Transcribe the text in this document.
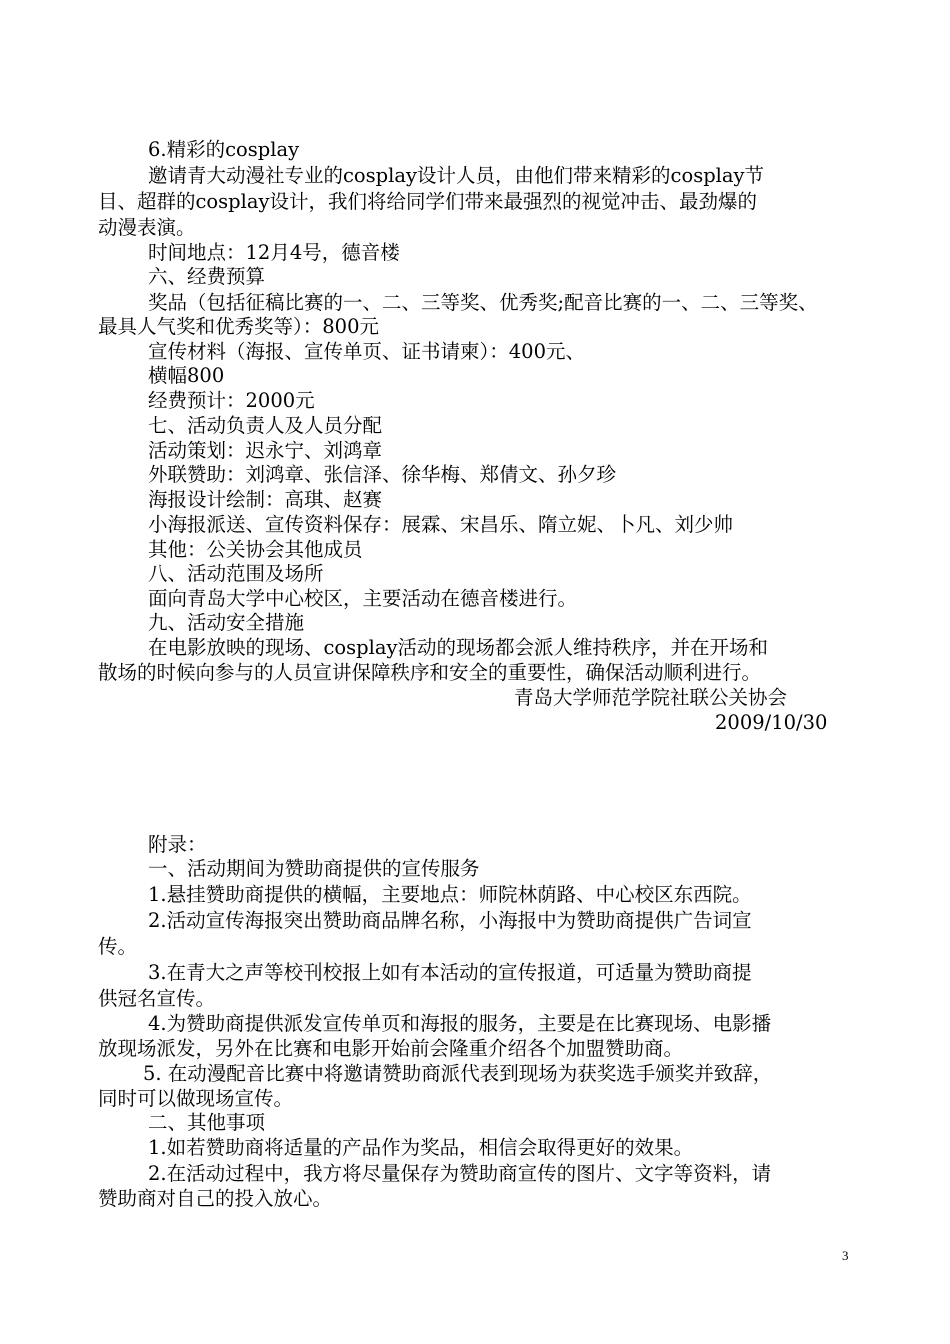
6.精彩的cosplay
邀请青大动漫社专业的cosplay设计人员，由他们带来精彩的cosplay节
目、超群的cosplay设计，我们将给同学们带来最强烈的视觉冲击、最劲爆的
动漫表演。
时间地点：12月4号，德音楼
六、经费预算
奖品（包括征稿比赛的一、二、三等奖、优秀奖;配音比赛的一、二、三等奖、
最具人气奖和优秀奖等）：800元
宣传材料（海报、宣传单页、证书请柬）：400元、
横幅800
经费预计：2000元
七、活动负责人及人员分配
活动策划：迟永宁、刘鸿章
外联赞助：刘鸿章、张信泽、徐华梅、郑倩文、孙夕珍
海报设计绘制：高琪、赵赛
小海报派送、宣传资料保存：展霖、宋昌乐、隋立妮、卜凡、刘少帅
其他：公关协会其他成员
八、活动范围及场所
面向青岛大学中心校区，主要活动在德音楼进行。
九、活动安全措施
在电影放映的现场、cosplay活动的现场都会派人维持秩序，并在开场和
散场的时候向参与的人员宣讲保障秩序和安全的重要性，确保活动顺利进行。
青岛大学师范学院社联公关协会
2009/10/30
附录：
一、活动期间为赞助商提供的宣传服务
1.悬挂赞助商提供的横幅，主要地点：师院林荫路、中心校区东西院。
2.活动宣传海报突出赞助商品牌名称，小海报中为赞助商提供广告词宣
传。
3.在青大之声等校刊校报上如有本活动的宣传报道，可适量为赞助商提
供冠名宣传。
4.为赞助商提供派发宣传单页和海报的服务，主要是在比赛现场、电影播
放现场派发，另外在比赛和电影开始前会隆重介绍各个加盟赞助商。
5. 在动漫配音比赛中将邀请赞助商派代表到现场为获奖选手颁奖并致辞，
同时可以做现场宣传。
二、其他事项
1.如若赞助商将适量的产品作为奖品，相信会取得更好的效果。
2.在活动过程中，我方将尽量保存为赞助商宣传的图片、文字等资料，请
赞助商对自己的投入放心。
3
